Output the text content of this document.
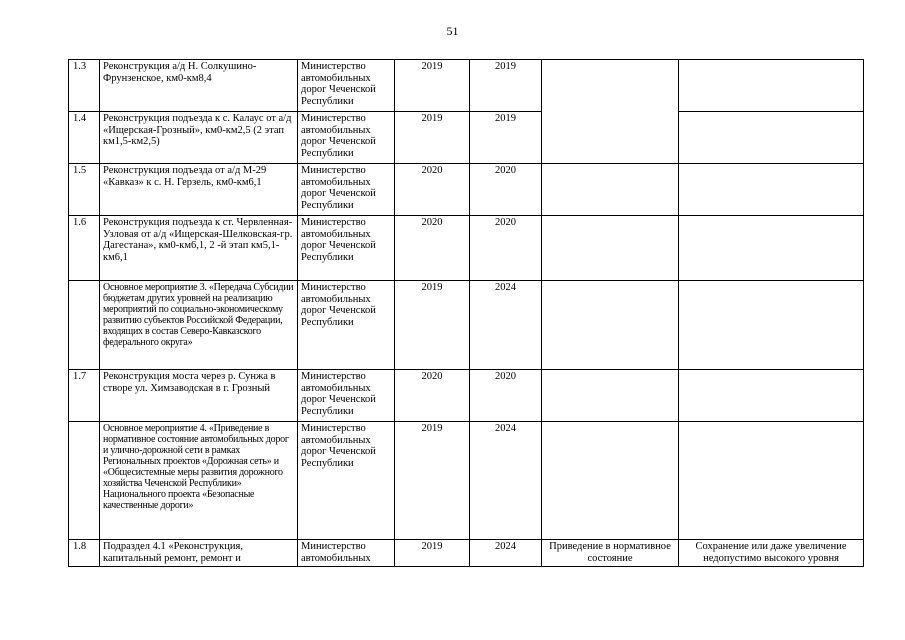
51
1.3	Реконструкция а/д Н. Солкушино-Фрунзенское, км0-км8,4	Министерство автомобильных дорог Чеченской Республики	2019	2019		
1.4	Реконструкция подъезда к с. Калаус от а/д «Ищерская-Грозный», км0-км2,5 (2 этап км1,5-км2,5)	Министерство автомобильных дорог Чеченской Республики	2019	2019		
1.5	Реконструкция подъезда от а/д М-29 «Кавказ» к с. Н. Герзель, км0-км6,1	Министерство автомобильных дорог Чеченской Республики	2020	2020		
1.6	Реконструкция подъезда к ст. Червленная-Узловая от а/д «Ищерская-Шелковская-гр. Дагестана», км0-км6,1, 2 -й этап км5,1-км6,1	Министерство автомобильных дорог Чеченской Республики	2020	2020		
	Основное мероприятие 3. «Передача Субсидии бюджетам других уровней на реализацию мероприятий по социально-экономическому развитию субъектов Российской Федерации, входящих в состав Северо-Кавказского федерального округа»	Министерство автомобильных дорог Чеченской Республики	2019	2024		
1.7	Реконструкция моста через р. Сунжа в створе ул. Химзаводская в г. Грозный	Министерство автомобильных дорог Чеченской Республики	2020	2020		
	Основное мероприятие 4. «Приведение в нормативное состояние автомобильных дорог и улично-дорожной сети в рамках Региональных проектов «Дорожная сеть» и «Общесистемные меры развития дорожного хозяйства Чеченской Республики» Национального проекта «Безопасные качественные дороги»	Министерство автомобильных дорог Чеченской Республики	2019	2024		
1.8	Подраздел 4.1 «Реконструкция, капитальный ремонт, ремонт и	Министерство автомобильных	2019	2024	Приведение в нормативное состояние	Сохранение или даже увеличение недопустимо высокого уровня
